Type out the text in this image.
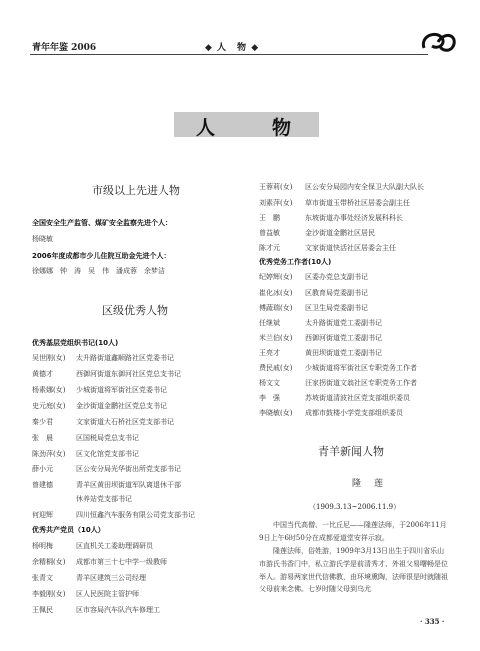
青年年鉴 2006	◆ 人　物 ◆
人	物
市级以上先进人物
全国安全生产监管、煤矿安全监察先进个人：
杨晓敏
2006年度成都市少儿住院互助金先进个人：
徐娜娜　钟　涛　吴　伟　潘成蓉　余梦洁
区级优秀人物
优秀基层党组织书记(10人)
吴世刚(女) 太升路街道鑫顺路社区党委书记
黄德才	西御河街道东御河社区党总支书记
杨素娜(女) 少城街道将军街社区党委书记
史元庭(女) 金沙街道金鹏社区党总支书记
秦少君	文家街道大石桥社区党支部书记
张　晨	区国税局党总支书记
陈劲萍(女) 区文化馆党支部书记
薛小元	区公安分局光华街出所党支部书记
曾建德	青羊区黄田坝街道军队离退休干部
休养站党支部书记
何迎辉	四川恒鑫汽车服务有限公司党支部书记
优秀共产党员（10人）
杨明梅	区直机关工委助理调研员
余精桐(女) 成都市第三十七中学一级教师
张青文	青羊区建筑三公司经理
李毅刚(女) 区人民医院主管护师
王佩民	区市容局汽车队汽车修理工
王蓉莉(女) 区公安分局园内安全保卫大队副大队长
刘素萍(女) 草市街道玉带桥社区居委会副主任
王　鹏	东坡街道办事处经济发展科科长
曾益敏	金沙街道金鹏社区居民
陈才元	文家街道快活社区居委会主任
优秀党务工作者(10人)
纪婷辉(女) 区委办党总支副书记
崔化冰(女) 区教育局党委副书记
傅蔬瑞(女) 区卫生局党委副书记
任继斌	太升路街道党工委副书记
米兰伯(女) 西御河街道党工委副书记
王亮才	黄田坝街道党工委副书记
费民戚(女) 少城街道将军街社区专职党务工作者
杨文文	汪家拐街道文翁社区专职党务工作者
李　强	苏坡街道清波社区党支部组织委员
李晓敏(女) 成都市鼓楼小学党支部组织委员
青羊新闻人物
隆　莲
（1909.3.13~2006.11.9）
　　中国当代高僧、一比丘尼——隆莲法师，于2006年11月9日上午6时50分在成都爱道堂安祥示寂。
　　隆莲法师，俗姓游，1909年3月13日出生于四川省乐山市游氏书香门中，私立游氏学是前清秀才、外祖父易曙畅是位举人。游易两家世代信佛教，由环境熏陶，法师很是时就随祖父母前来念佛。七岁时随父母到乌尤
· 335 ·
